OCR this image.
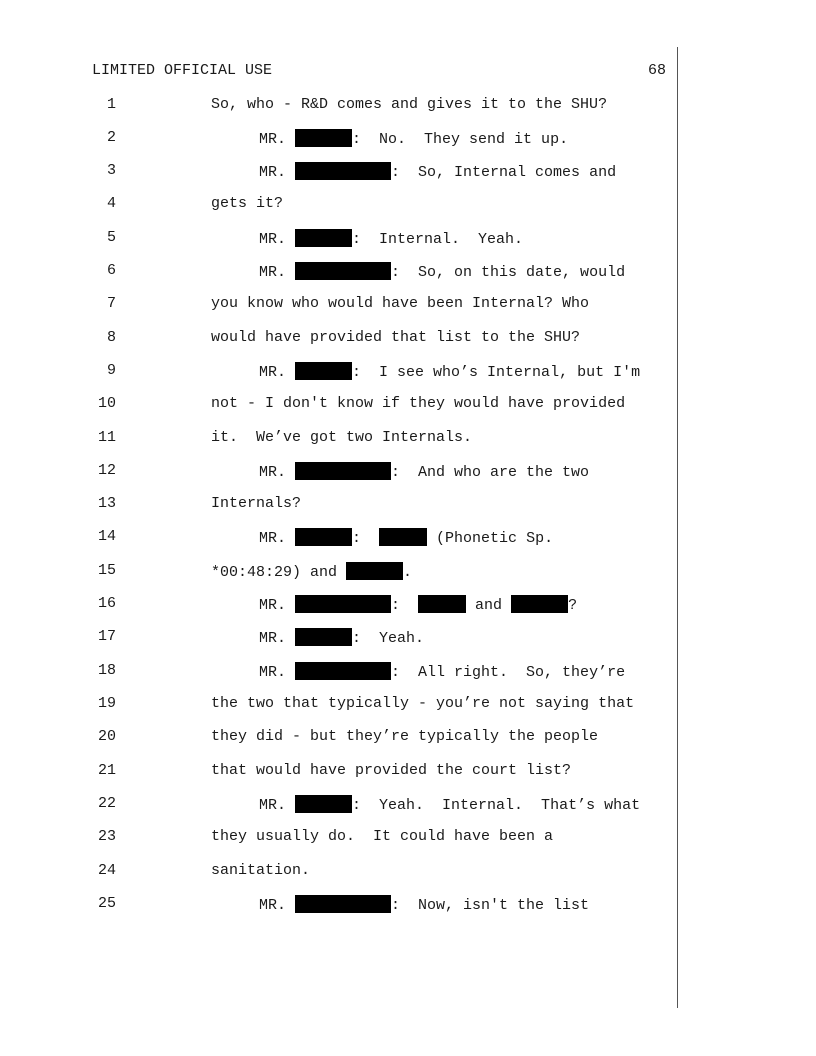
LIMITED OFFICIAL USE	68
1	So, who - R&D comes and gives it to the SHU?
2	MR.	:  No.  They send it up.
3	MR.	:  So, Internal comes and
4	gets it?
5	MR.	:  Internal.  Yeah.
6	MR.	:  So, on this date, would
7	you know who would have been Internal? Who
8	would have provided that list to the SHU?
9	MR.	:  I see who’s Internal, but I'm
10	not - I don't know if they would have provided
11	it.  We’ve got two Internals.
12	MR.	:  And who are the two
13	Internals?
14	MR.	:	(Phonetic Sp.
15	*00:48:29) and	.
16	MR.	:	and	?
17	MR.	:  Yeah.
18	MR.	:  All right.  So, they’re
19	the two that typically - you’re not saying that
20	they did - but they’re typically the people
21	that would have provided the court list?
22	MR.	:  Yeah.  Internal.  That’s what
23	they usually do.  It could have been a
24	sanitation.
25	MR.	:  Now, isn't the list
